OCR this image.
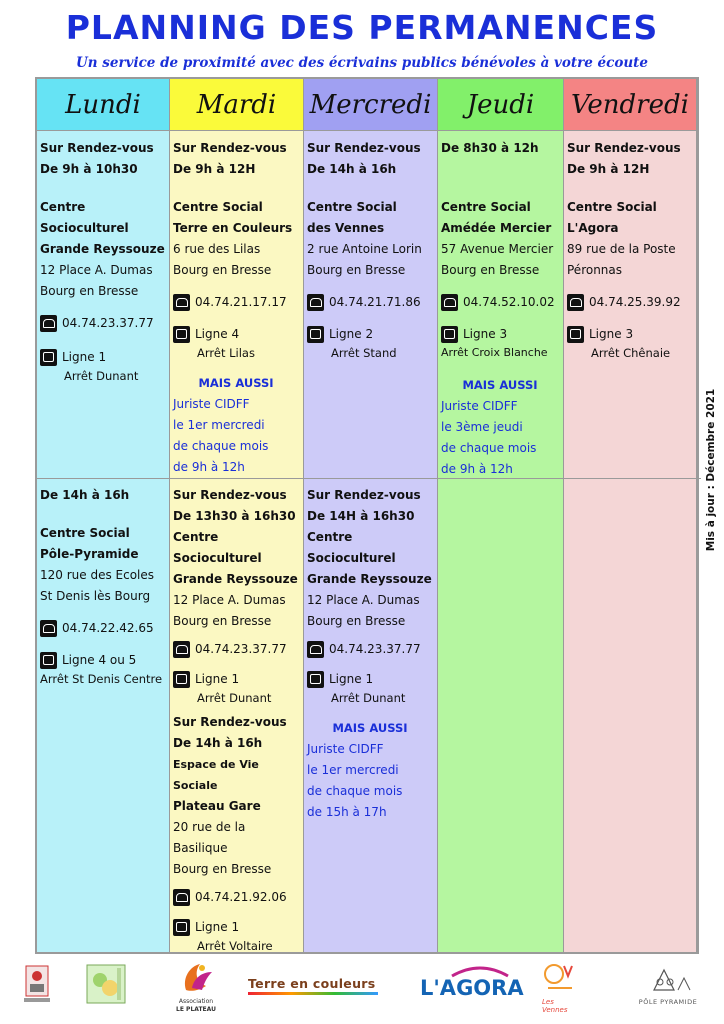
PLANNING DES PERMANENCES
Un service de proximité avec des écrivains publics bénévoles à votre écoute
Lundi
Sur Rendez-vous
De 9h à 10h30
Centre Socioculturel
Grande Reyssouze
12 Place A. Dumas
Bourg en Bresse
04.74.23.37.77
Ligne 1
Arrêt Dunant
De 14h à 16h
Centre Social
Pôle-Pyramide
120 rue des Ecoles
St Denis lès Bourg
04.74.22.42.65
Ligne 4 ou 5
Arrêt St Denis Centre
Mardi
Sur Rendez-vous
De 9h à 12H
Centre Social
Terre en Couleurs
6 rue des Lilas
Bourg en Bresse
04.74.21.17.17
Ligne 4
Arrêt Lilas
MAIS AUSSI
Juriste CIDFF
le 1er mercredi
de chaque mois
de 9h à 12h
Sur Rendez-vous
De 13h30 à 16h30
Centre Socioculturel
Grande Reyssouze
12 Place A. Dumas
Bourg en Bresse
04.74.23.37.77
Ligne 1
Arrêt Dunant
Sur Rendez-vous
De 14h à 16h
Espace de Vie Sociale
Plateau Gare
20 rue de la Basilique
Bourg en Bresse
04.74.21.92.06
Ligne 1
Arrêt Voltaire
Mercredi
Sur Rendez-vous
De 14h à 16h
Centre Social
des Vennes
2 rue Antoine Lorin
Bourg en Bresse
04.74.21.71.86
Ligne 2
Arrêt Stand
Sur Rendez-vous
De 14H à 16h30
Centre Socioculturel
Grande Reyssouze
12 Place A. Dumas
Bourg en Bresse
04.74.23.37.77
Ligne 1
Arrêt Dunant
MAIS AUSSI
Juriste CIDFF
le 1er mercredi
de chaque mois
de 15h à 17h
Jeudi
De 8h30 à 12h
Centre Social
Amédée Mercier
57 Avenue Mercier
Bourg en Bresse
04.74.52.10.02
Ligne 3
Arrêt Croix Blanche
MAIS AUSSI
Juriste CIDFF
le 3ème jeudi
de chaque mois
de 9h à 12h
Vendredi
Sur Rendez-vous
De 9h à 12H
Centre Social
L'Agora
89 rue de la Poste
Péronnas
04.74.25.39.92
Ligne 3
Arrêt Chênaie
Mis à jour : Décembre 2021
Association
LE PLATEAU
Terre en couleurs L'AGORA
Les Vennes
PÔLE PYRAMIDE
